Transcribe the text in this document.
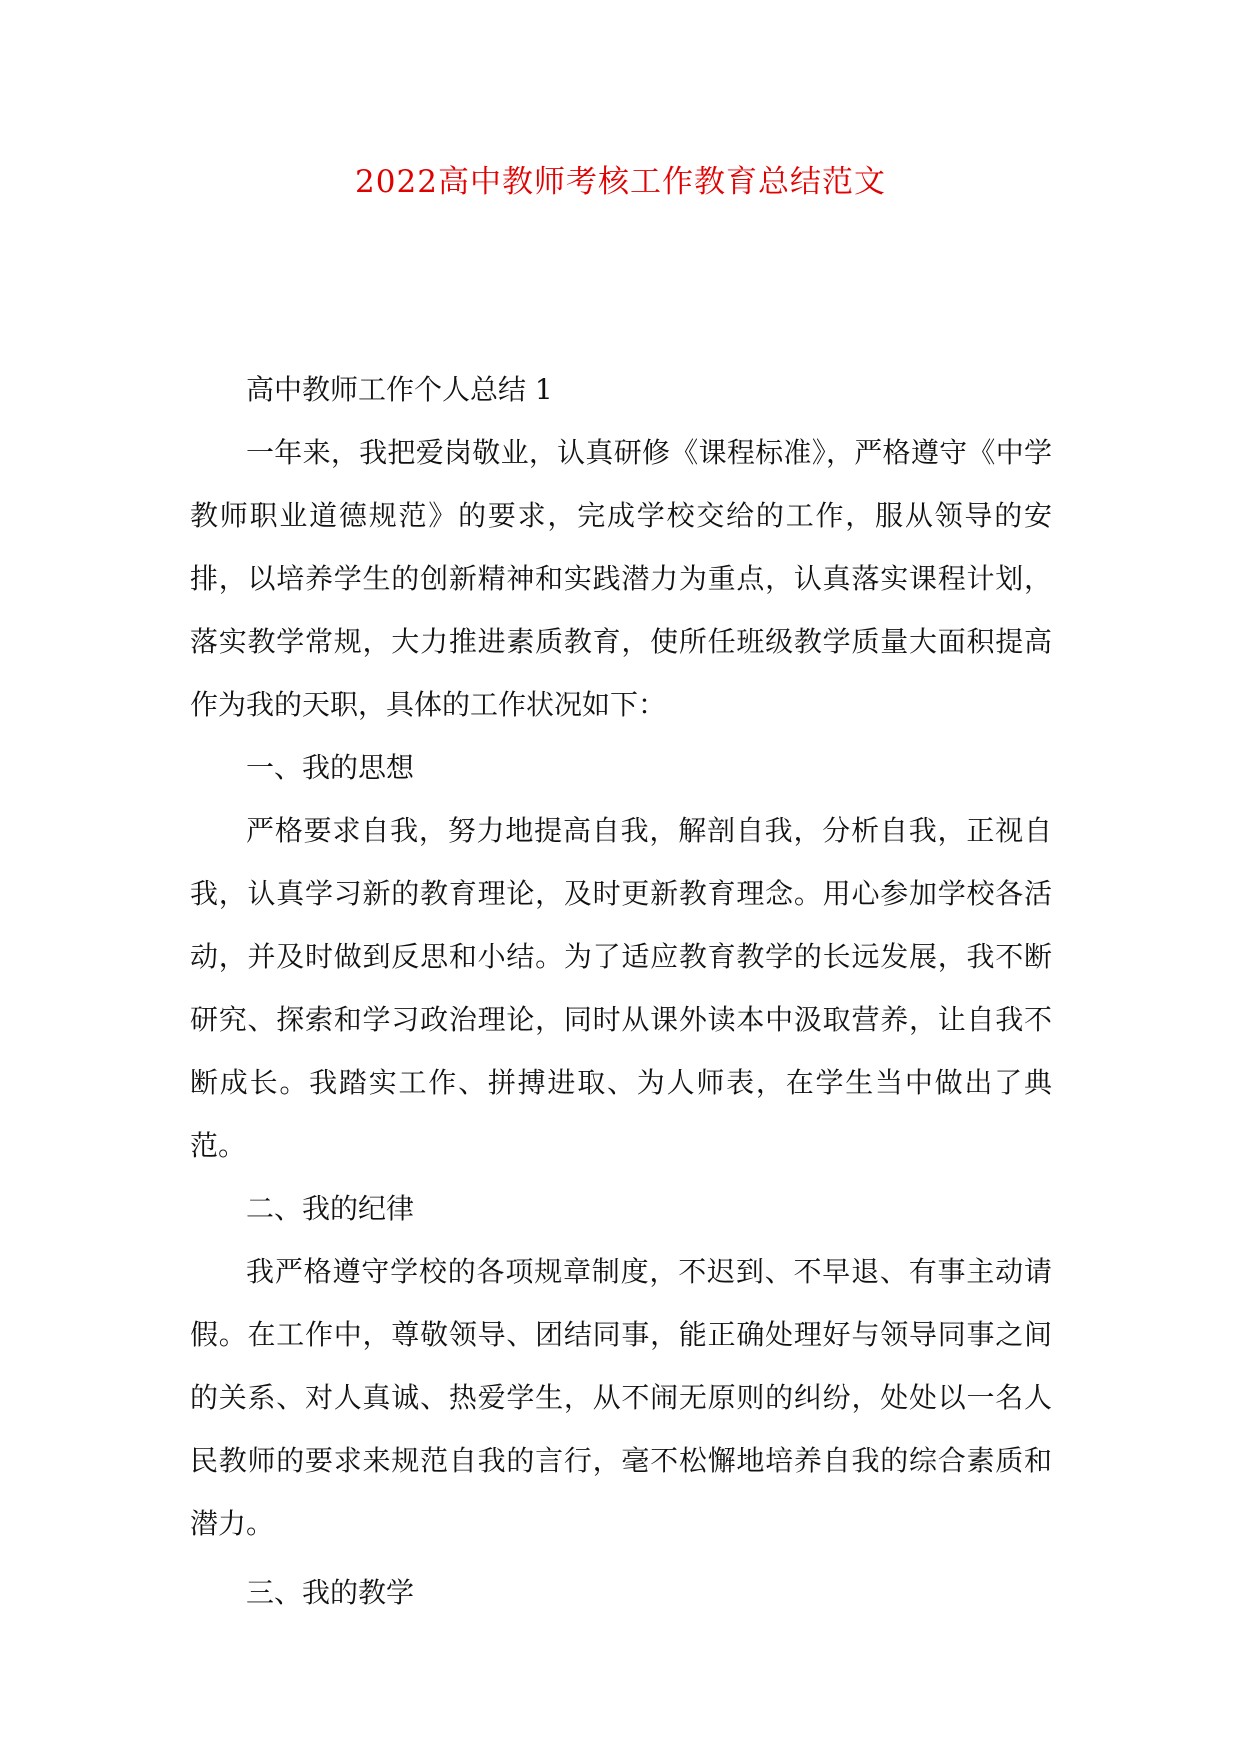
2022高中教师考核工作教育总结范文

高中教师工作个人总结 1

一年来，我把爱岗敬业，认真研修《课程标准》，严格遵守《中学教师职业道德规范》的要求，完成学校交给的工作，服从领导的安排，以培养学生的创新精神和实践潜力为重点，认真落实课程计划，落实教学常规，大力推进素质教育，使所任班级教学质量大面积提高作为我的天职，具体的工作状况如下：

一、我的思想

严格要求自我，努力地提高自我，解剖自我，分析自我，正视自我，认真学习新的教育理论，及时更新教育理念。用心参加学校各活动，并及时做到反思和小结。为了适应教育教学的长远发展，我不断研究、探索和学习政治理论，同时从课外读本中汲取营养，让自我不断成长。我踏实工作、拼搏进取、为人师表，在学生当中做出了典范。

二、我的纪律

我严格遵守学校的各项规章制度，不迟到、不早退、有事主动请假。在工作中，尊敬领导、团结同事，能正确处理好与领导同事之间的关系、对人真诚、热爱学生，从不闹无原则的纠纷，处处以一名人民教师的要求来规范自我的言行，毫不松懈地培养自我的综合素质和潜力。

三、我的教学
